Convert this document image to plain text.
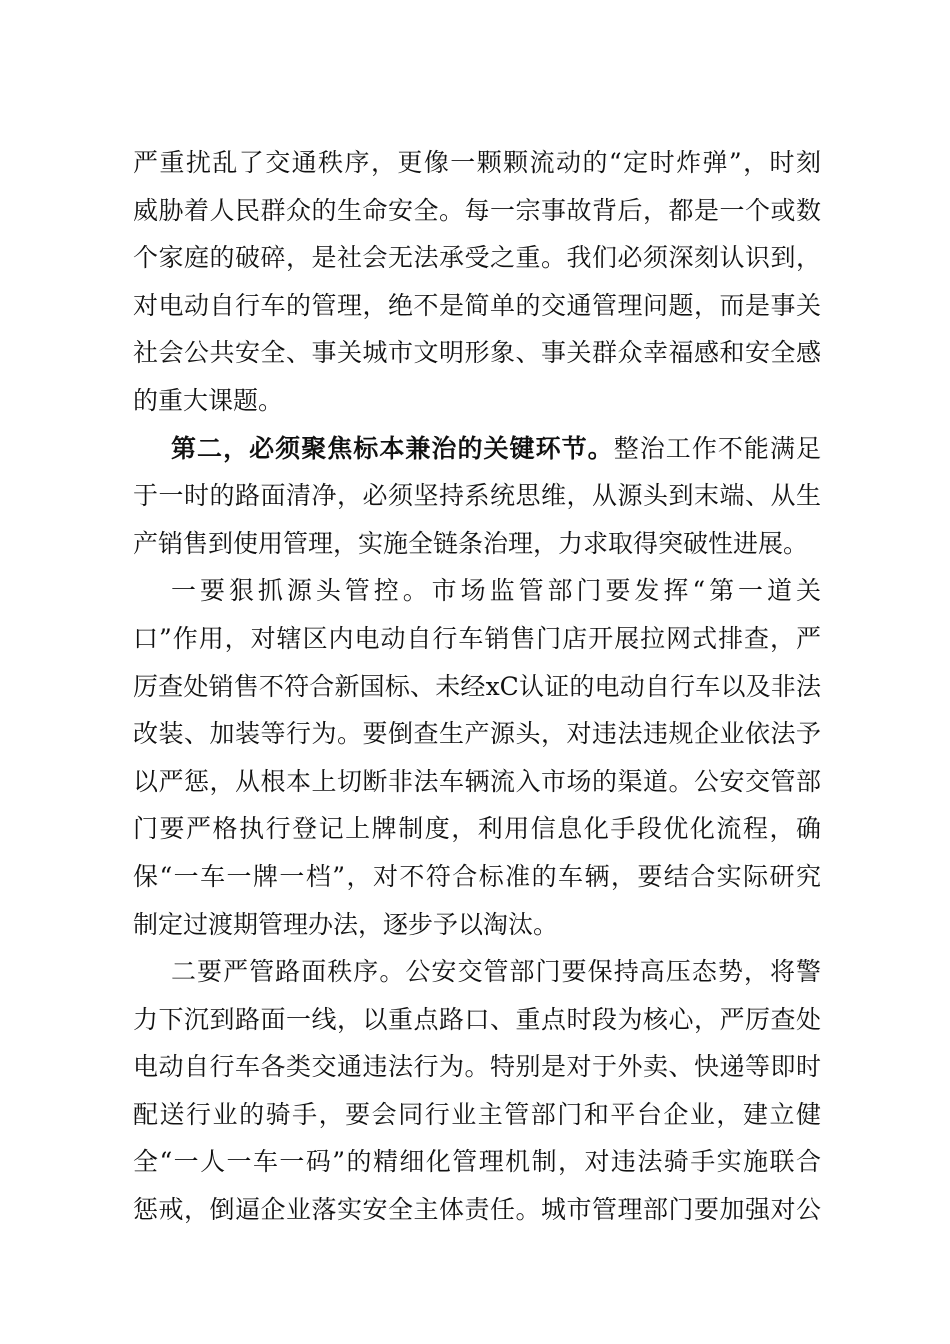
严重扰乱了交通秩序，更像一颗颗流动的“定时炸弹”，时刻
威胁着人民群众的生命安全。每一宗事故背后，都是一个或数
个家庭的破碎，是社会无法承受之重。我们必须深刻认识到，
对电动自行车的管理，绝不是简单的交通管理问题，而是事关
社会公共安全、事关城市文明形象、事关群众幸福感和安全感
的重大课题。
第二，必须聚焦标本兼治的关键环节。整治工作不能满足
于一时的路面清净，必须坚持系统思维，从源头到末端、从生
产销售到使用管理，实施全链条治理，力求取得突破性进展。
一要狠抓源头管控。市场监管部门要发挥“第一道关
口”作用，对辖区内电动自行车销售门店开展拉网式排查，严
厉查处销售不符合新国标、未经xC认证的电动自行车以及非法
改装、加装等行为。要倒查生产源头，对违法违规企业依法予
以严惩，从根本上切断非法车辆流入市场的渠道。公安交管部
门要严格执行登记上牌制度，利用信息化手段优化流程，确
保“一车一牌一档”，对不符合标准的车辆，要结合实际研究
制定过渡期管理办法，逐步予以淘汰。
二要严管路面秩序。公安交管部门要保持高压态势，将警
力下沉到路面一线，以重点路口、重点时段为核心，严厉查处
电动自行车各类交通违法行为。特别是对于外卖、快递等即时
配送行业的骑手，要会同行业主管部门和平台企业，建立健
全“一人一车一码”的精细化管理机制，对违法骑手实施联合
惩戒，倒逼企业落实安全主体责任。城市管理部门要加强对公
